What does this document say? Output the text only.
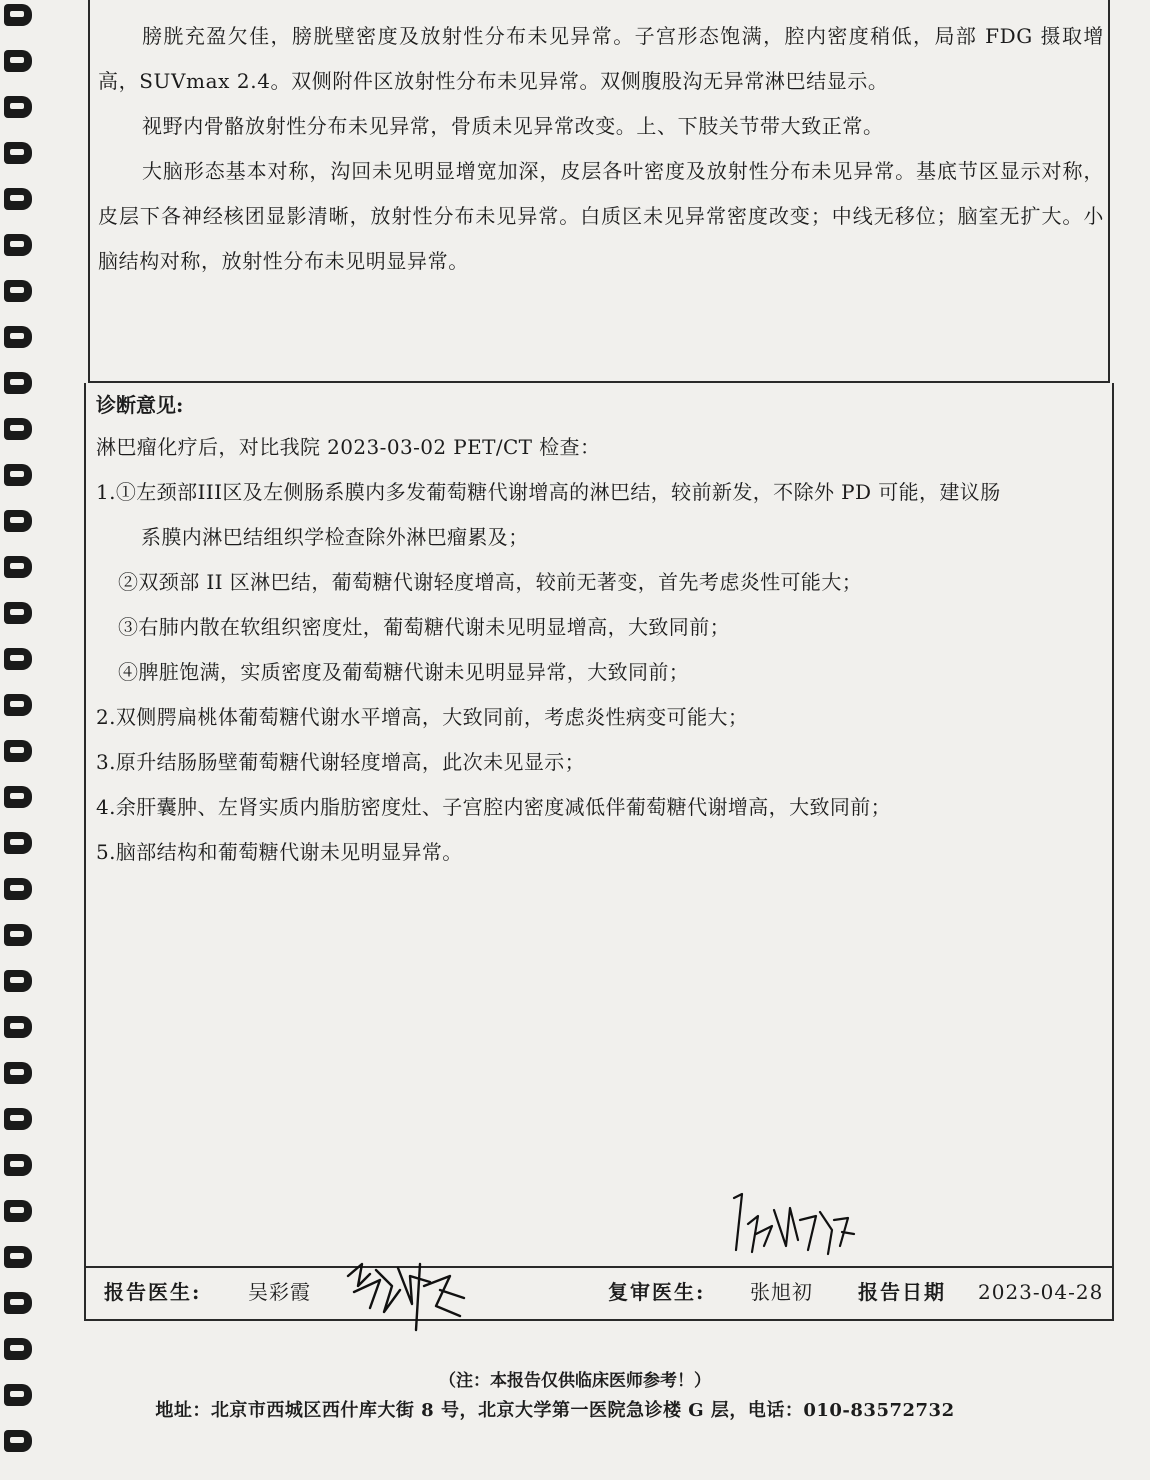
膀胱充盈欠佳，膀胱壁密度及放射性分布未见异常。子宫形态饱满，腔内密度稍低，局部 FDG 摄取增高，SUVmax 2.4。双侧附件区放射性分布未见异常。双侧腹股沟无异常淋巴结显示。

视野内骨骼放射性分布未见异常，骨质未见异常改变。上、下肢关节带大致正常。

大脑形态基本对称，沟回未见明显增宽加深，皮层各叶密度及放射性分布未见异常。基底节区显示对称，皮层下各神经核团显影清晰，放射性分布未见异常。白质区未见异常密度改变；中线无移位；脑室无扩大。小脑结构对称，放射性分布未见明显异常。

诊断意见:

淋巴瘤化疗后，对比我院 2023-03-02 PET/CT 检查：

1.①左颈部III区及左侧肠系膜内多发葡萄糖代谢增高的淋巴结，较前新发，不除外 PD 可能，建议肠

系膜内淋巴结组织学检查除外淋巴瘤累及；

②双颈部 II 区淋巴结，葡萄糖代谢轻度增高，较前无著变，首先考虑炎性可能大；

③右肺内散在软组织密度灶，葡萄糖代谢未见明显增高，大致同前；

④脾脏饱满，实质密度及葡萄糖代谢未见明显异常，大致同前；

2.双侧腭扁桃体葡萄糖代谢水平增高，大致同前，考虑炎性病变可能大；

3.原升结肠肠壁葡萄糖代谢轻度增高，此次未见显示；

4.余肝囊肿、左肾实质内脂肪密度灶、子宫腔内密度减低伴葡萄糖代谢增高，大致同前；

5.脑部结构和葡萄糖代谢未见明显异常。

报告医生: 吴彩霞	复审医生: 张旭初 报告日期 2023-04-28
（注：本报告仅供临床医师参考！）
地址：北京市西城区西什库大街 8 号，北京大学第一医院急诊楼 G 层，电话：010-83572732
